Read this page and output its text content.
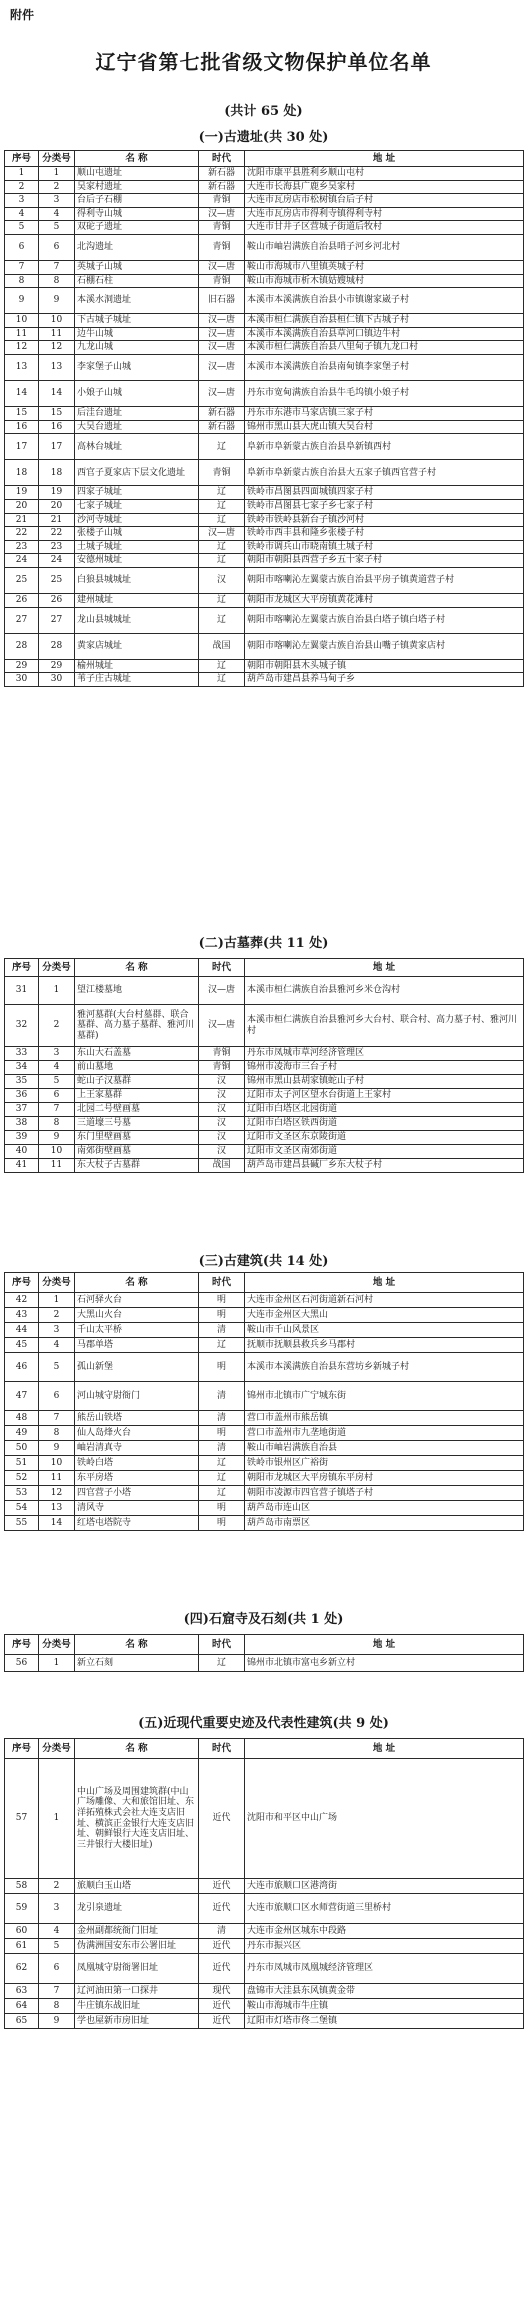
附件
辽宁省第七批省级文物保护单位名单
(共计 65 处)
(一)古遗址(共 30 处)
序号	分类号	名 称	时代	地 址
1	1	顺山屯遗址	新石器	沈阳市康平县胜利乡顺山屯村
2	2	吴家村遗址	新石器	大连市长海县广鹿乡吴家村
3	3	台后子石棚	青铜	大连市瓦房店市松树镇台后子村
4	4	得利寺山城	汉—唐	大连市瓦房店市得利寺镇得利寺村
5	5	双砣子遗址	青铜	大连市甘井子区营城子街道后牧村
6	6	北沟遗址	青铜	鞍山市岫岩满族自治县哨子河乡河北村
7	7	英城子山城	汉—唐	鞍山市海城市八里镇英城子村
8	8	石棚石柱	青铜	鞍山市海城市析木镇姑嫂城村
9	9	本溪水洞遗址	旧石器	本溪市本溪满族自治县小市镇谢家崴子村
10	10	下古城子城址	汉—唐	本溪市桓仁满族自治县桓仁镇下古城子村
11	11	边牛山城	汉—唐	本溪市本溪满族自治县草河口镇边牛村
12	12	九龙山城	汉—唐	本溪市桓仁满族自治县八里甸子镇九龙口村
13	13	李家堡子山城	汉—唐	本溪市本溪满族自治县南甸镇李家堡子村
14	14	小娘子山城	汉—唐	丹东市宽甸满族自治县牛毛坞镇小娘子村
15	15	后洼台遗址	新石器	丹东市东港市马家店镇三家子村
16	16	大吴台遗址	新石器	锦州市黑山县大虎山镇大吴台村
17	17	高林台城址	辽	阜新市阜新蒙古族自治县阜新镇西村
18	18	西官子夏家店下层文化遗址	青铜	阜新市阜新蒙古族自治县大五家子镇西官营子村
19	19	四家子城址	辽	铁岭市昌图县四面城镇四家子村
20	20	七家子城址	辽	铁岭市昌图县七家子乡七家子村
21	21	沙河寺城址	辽	铁岭市铁岭县新台子镇沙河村
22	22	张楼子山城	汉—唐	铁岭市西丰县和隆乡张楼子村
23	23	土城子城址	辽	铁岭市调兵山市晓南镇土城子村
24	24	安德州城址	辽	朝阳市朝阳县西营子乡五十家子村
25	25	白狼县城城址	汉	朝阳市喀喇沁左翼蒙古族自治县平房子镇黄道营子村
26	26	建州城址	辽	朝阳市龙城区大平房镇黄花滩村
27	27	龙山县城城址	辽	朝阳市喀喇沁左翼蒙古族自治县白塔子镇白塔子村
28	28	黄家店城址	战国	朝阳市喀喇沁左翼蒙古族自治县山嘴子镇黄家店村
29	29	榆州城址	辽	朝阳市朝阳县木头城子镇
30	30	苇子庄古城址	辽	葫芦岛市建昌县养马甸子乡
(二)古墓葬(共 11 处)
序号	分类号	名 称	时代	地 址
31	1	望江楼墓地	汉—唐	本溪市桓仁满族自治县雅河乡米仓沟村
32	2	雅河墓群(大台村墓群、联合墓群、高力墓子墓群、雅河川墓群)	汉—唐	本溪市桓仁满族自治县雅河乡大台村、联合村、高力墓子村、雅河川村
33	3	东山大石盖墓	青铜	丹东市凤城市草河经济管理区
34	4	前山墓地	青铜	锦州市凌海市三台子村
35	5	蛇山子汉墓群	汉	锦州市黑山县胡家镇蛇山子村
36	6	上王家墓群	汉	辽阳市太子河区望水台街道上王家村
37	7	北园二号壁画墓	汉	辽阳市白塔区北园街道
38	8	三道壕三号墓	汉	辽阳市白塔区铁西街道
39	9	东门里壁画墓	汉	辽阳市文圣区东京陵街道
40	10	南郊街壁画墓	汉	辽阳市文圣区南郊街道
41	11	东大杖子古墓群	战国	葫芦岛市建昌县碱厂乡东大杖子村
(三)古建筑(共 14 处)
序号	分类号	名 称	时代	地 址
42	1	石河驿火台	明	大连市金州区石河街道新石河村
43	2	大黑山火台	明	大连市金州区大黑山
44	3	千山太平桥	清	鞍山市千山风景区
45	4	马郡单塔	辽	抚顺市抚顺县救兵乡马郡村
46	5	孤山新堡	明	本溪市本溪满族自治县东营坊乡新城子村
47	6	河山城守尉衙门	清	锦州市北镇市广宁城东街
48	7	熊岳山铁塔	清	营口市盖州市熊岳镇
49	8	仙人岛烽火台	明	营口市盖州市九垄地街道
50	9	岫岩清真寺	清	鞍山市岫岩满族自治县
51	10	铁岭白塔	辽	铁岭市银州区广裕街
52	11	东平房塔	辽	朝阳市龙城区大平房镇东平房村
53	12	四官营子小塔	辽	朝阳市凌源市四官营子镇塔子村
54	13	清风寺	明	葫芦岛市连山区
55	14	红塔屯塔院寺	明	葫芦岛市南票区
(四)石窟寺及石刻(共 1 处)
序号	分类号	名 称	时代	地 址
56	1	新立石刻	辽	锦州市北镇市富屯乡新立村
(五)近现代重要史迹及代表性建筑(共 9 处)
序号	分类号	名 称	时代	地 址
57	1	中山广场及周围建筑群(中山广场雕像、大和旅馆旧址、东洋拓殖株式会社大连支店旧址、横滨正金银行大连支店旧址、朝鲜银行大连支店旧址、三井银行大楼旧址)	近代	沈阳市和平区中山广场
58	2	旅顺白玉山塔	近代	大连市旅顺口区港湾街
59	3	龙引泉遗址	近代	大连市旅顺口区水师营街道三里桥村
60	4	金州副都统衙门旧址	清	大连市金州区城东中段路
61	5	伪满洲国安东市公署旧址	近代	丹东市振兴区
62	6	凤凰城守尉衙署旧址	近代	丹东市凤城市凤凰城经济管理区
63	7	辽河油田第一口探井	现代	盘锦市大洼县东风镇黄金带
64	8	牛庄镇东战旧址	近代	鞍山市海城市牛庄镇
65	9	学也屋新市房旧址	近代	辽阳市灯塔市佟二堡镇
